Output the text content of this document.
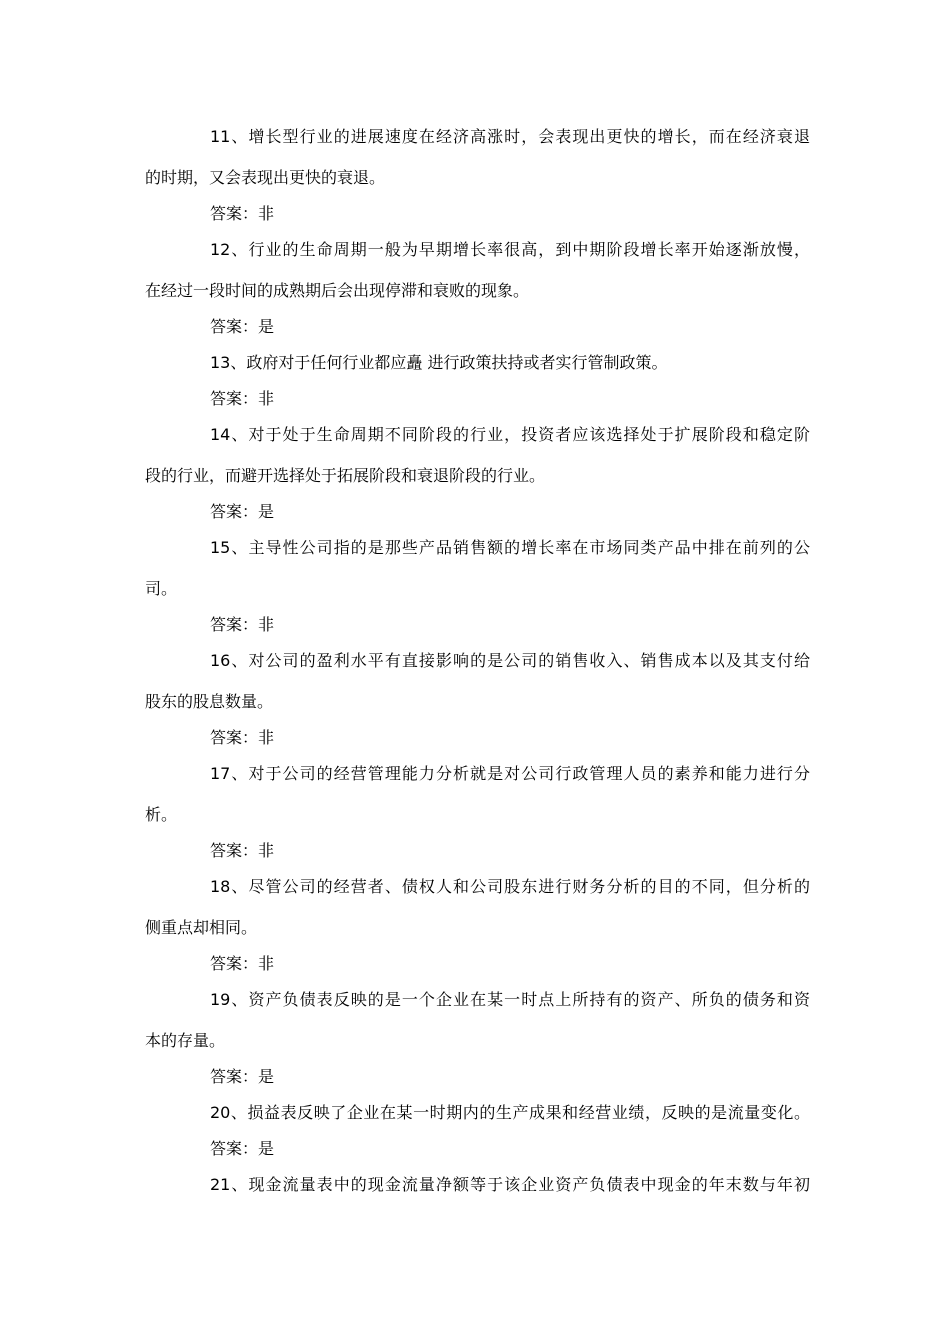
11、增长型行业的进展速度在经济高涨时，会表现出更快的增长，而在经济衰退
的时期，又会表现出更快的衰退。
答案：非
12、行业的生命周期一般为早期增长率很高，到中期阶段增长率开始逐渐放慢，
在经过一段时间的成熟期后会出现停滞和衰败的现象。
答案：是
13、政府对于任何行业都应矗 进行政策扶持或者实行管制政策。
答案：非
14、对于处于生命周期不同阶段的行业，投资者应该选择处于扩展阶段和稳定阶
段的行业，而避开选择处于拓展阶段和衰退阶段的行业。
答案：是
15、主导性公司指的是那些产品销售额的增长率在市场同类产品中排在前列的公
司。
答案：非
16、对公司的盈利水平有直接影响的是公司的销售收入、销售成本以及其支付给
股东的股息数量。
答案：非
17、对于公司的经营管理能力分析就是对公司行政管理人员的素养和能力进行分
析。
答案：非
18、尽管公司的经营者、债权人和公司股东进行财务分析的目的不同，但分析的
侧重点却相同。
答案：非
19、资产负债表反映的是一个企业在某一时点上所持有的资产、所负的债务和资
本的存量。
答案：是
20、损益表反映了企业在某一时期内的生产成果和经营业绩，反映的是流量变化。
答案：是
21、现金流量表中的现金流量净额等于该企业资产负债表中现金的年末数与年初
